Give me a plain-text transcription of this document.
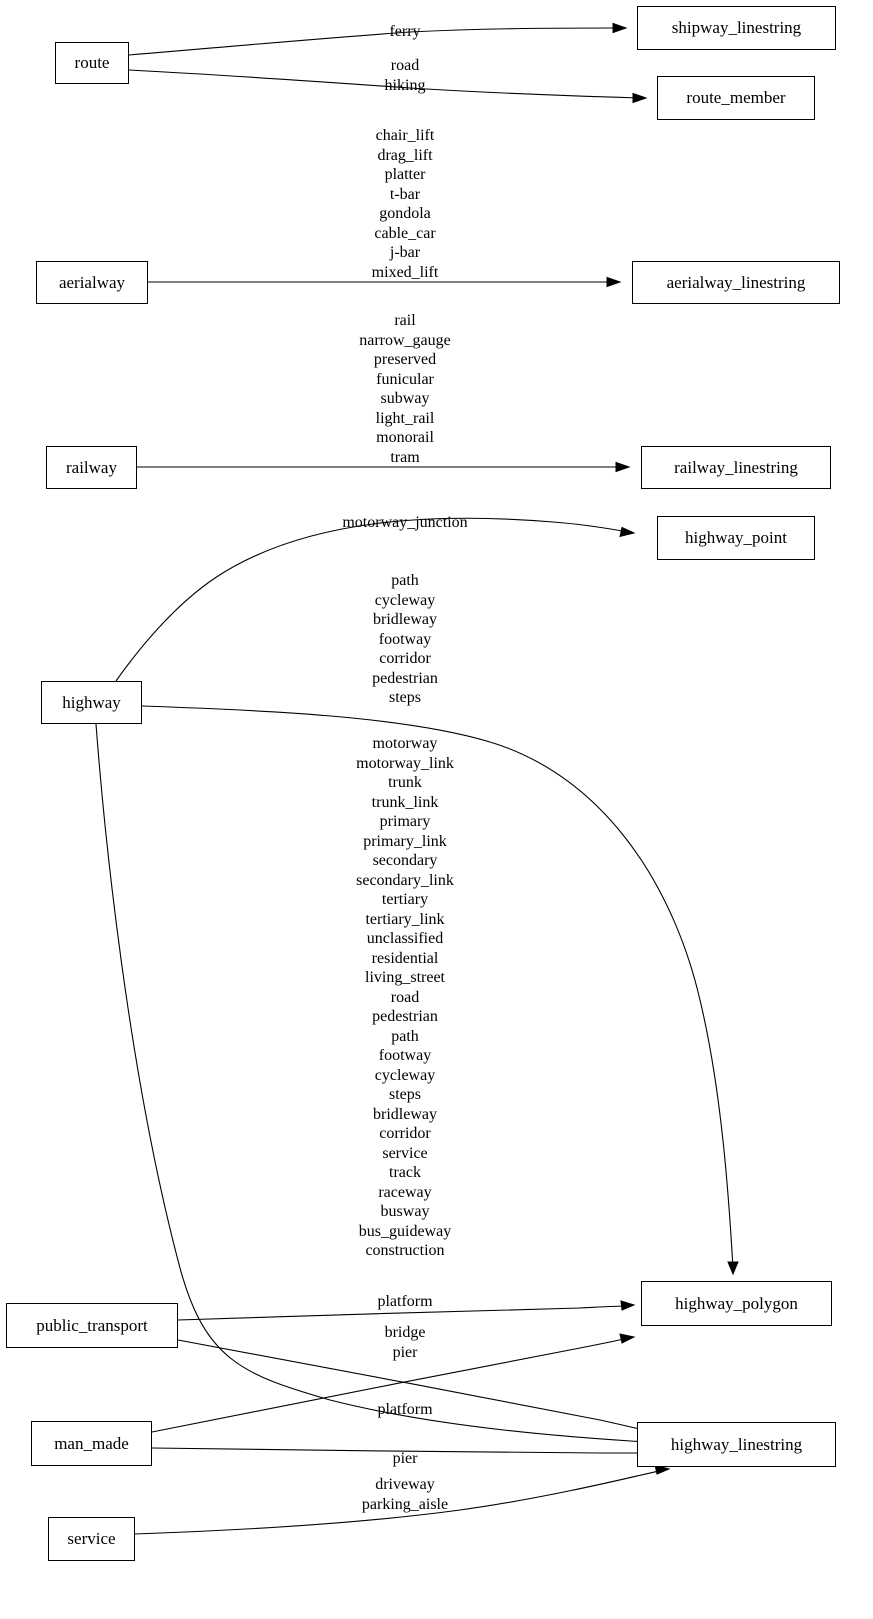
ferry
road
hiking
chair_lift
drag_lift
platter
t-bar
gondola
cable_car
j-bar
mixed_lift
rail
narrow_gauge
preserved
funicular
subway
light_rail
monorail
tram
motorway_junction
path
cycleway
bridleway
footway
corridor
pedestrian
steps
motorway
motorway_link
trunk
trunk_link
primary
primary_link
secondary
secondary_link
tertiary
tertiary_link
unclassified
residential
living_street
road
pedestrian
path
footway
cycleway
steps
bridleway
corridor
service
track
raceway
busway
bus_guideway
construction
platform
platform
bridge
pier
pier
driveway
parking_aisle
route
shipway_linestring
route_member
aerialway	aerialway_linestring
railway	railway_linestring
highway_point
highway
highway_polygon
public_transport
man_made	highway_linestring
service
